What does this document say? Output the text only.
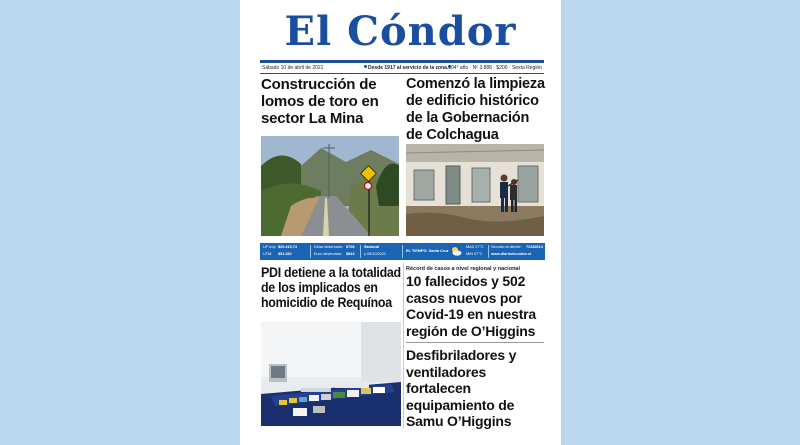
El Cóndor
Sábado 10 de abril de 2021	Desde 1917 al servicio de la zona. 104° año · Nº 3.888 · $200 · Sexta Región
Construcción de lomos de toro en sector La Mina
Comenzó la limpieza de edificio histórico de la Gobernación de Colchagua
UF hoy: $29.415,74
UTM: $51.382
Dólar observado: $708
Euro observado: $843
Santoral
y 09/10/2021
EL TIEMPO: Santa Cruz
MAX 27°C
MIN 07°C
Servicio al cliente: 72282614
www.diarioelcondor.cl
PDI detiene a la totalidad de los implicados en homicidio de Requínoa
Récord de casos a nivel regional y nacional
10 fallecidos y 502 casos nuevos por Covid-19 en nuestra región de O’Higgins
Desfibriladores y ventiladores fortalecen equipamiento de Samu O’Higgins
